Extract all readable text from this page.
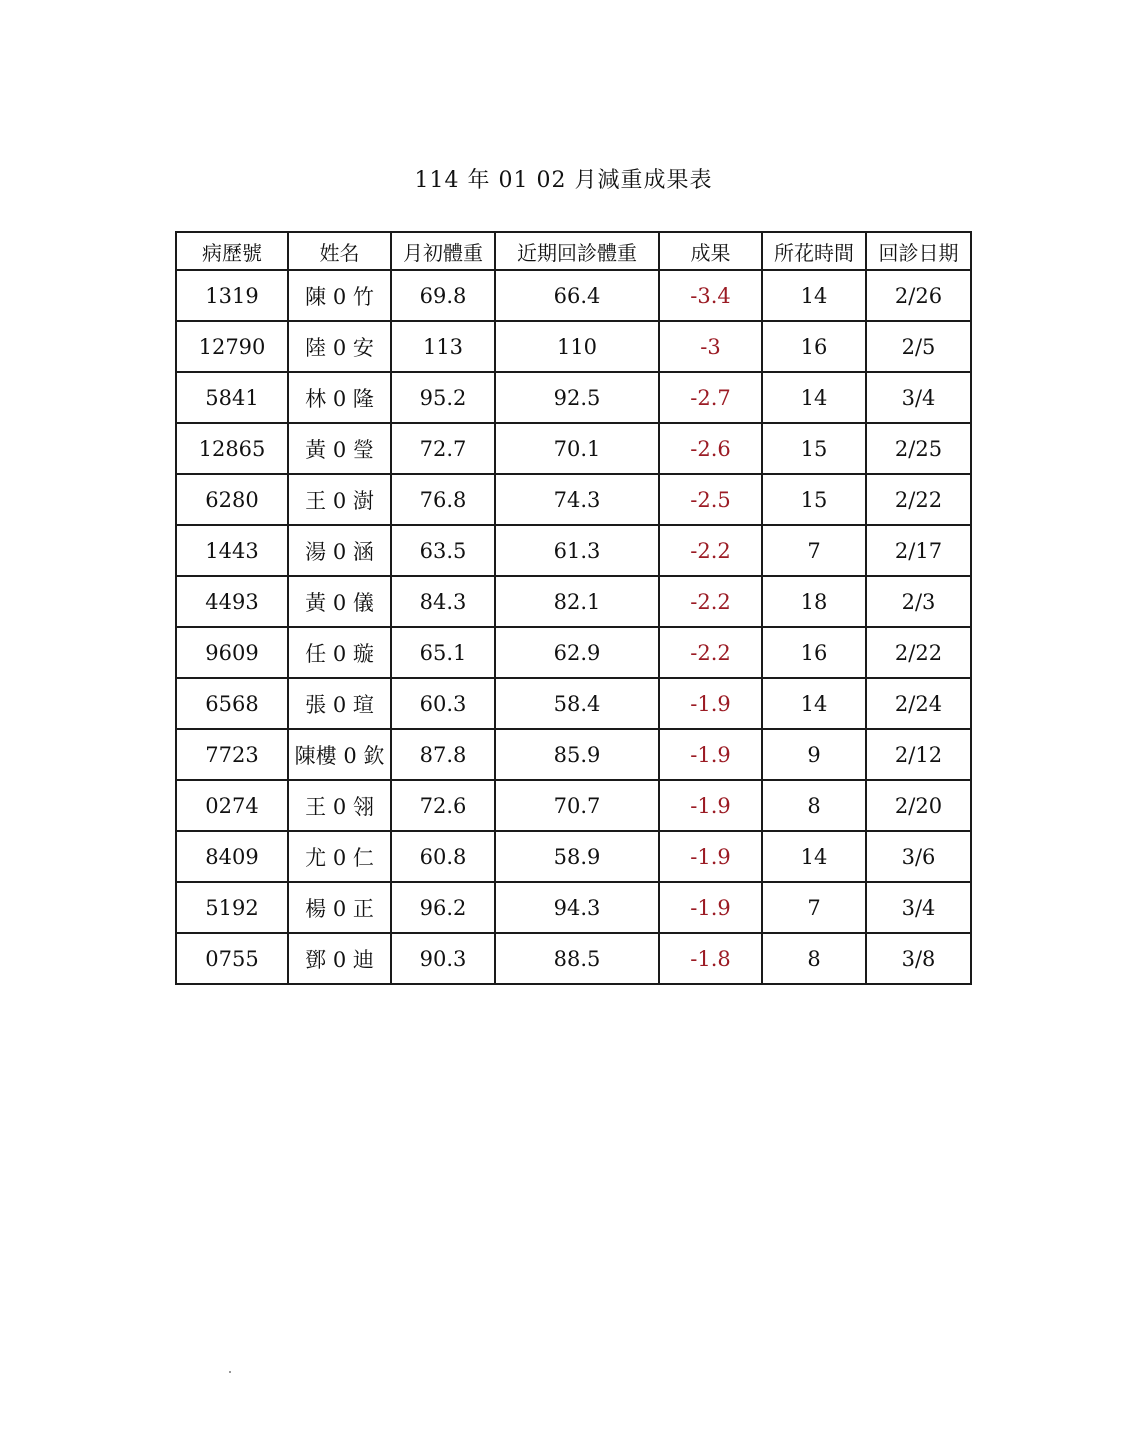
114 年 01 02 月減重成果表
病歷號	姓名	月初體重	近期回診體重	成果	所花時間	回診日期
1319	陳 0 竹	69.8	66.4	-3.4	14	2/26
12790	陸 0 安	113	110	-3	16	2/5
5841	林 0 隆	95.2	92.5	-2.7	14	3/4
12865	黃 0 瑩	72.7	70.1	-2.6	15	2/25
6280	王 0 澍	76.8	74.3	-2.5	15	2/22
1443	湯 0 涵	63.5	61.3	-2.2	7	2/17
4493	黃 0 儀	84.3	82.1	-2.2	18	2/3
9609	任 0 璇	65.1	62.9	-2.2	16	2/22
6568	張 0 瑄	60.3	58.4	-1.9	14	2/24
7723	陳樓 0 欽	87.8	85.9	-1.9	9	2/12
0274	王 0 翎	72.6	70.7	-1.9	8	2/20
8409	尤 0 仁	60.8	58.9	-1.9	14	3/6
5192	楊 0 正	96.2	94.3	-1.9	7	3/4
0755	鄧 0 迪	90.3	88.5	-1.8	8	3/8
